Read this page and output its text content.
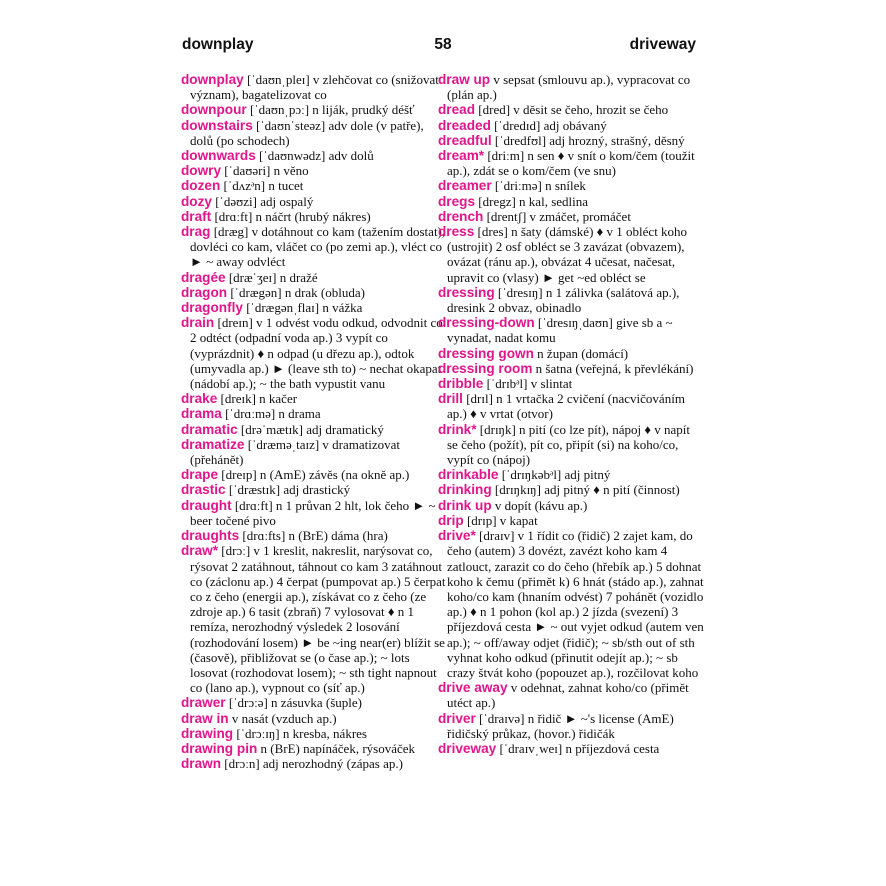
downplay	58	driveway

downplay [ˈdaʊnˌpleɪ] v zlehčovat co (snižovat význam), bagatelizovat co

downpour [ˈdaʊnˌpɔː] n liják, prudký déšť

downstairs [ˈdaʊnˈsteəz] adv dole (v patře), dolů (po schodech)

downwards [ˈdaʊnwədz] adv dolů

dowry [ˈdaʊəri] n věno

dozen [ˈdʌzᵊn] n tucet

dozy [ˈdəʊzi] adj ospalý

draft [drɑːft] n náčrt (hrubý nákres)

drag [dræg] v dotáhnout co kam (tažením dostat), dovléci co kam, vláčet co (po zemi ap.), vléct co ► ~ away odvléct

dragée [dræˈʒeɪ] n dražé

dragon [ˈdrægən] n drak (obluda)

dragonfly [ˈdrægənˌflaɪ] n vážka

drain [dreɪn] v 1 odvést vodu odkud, odvodnit co 2 odtéct (odpadní voda ap.) 3 vypít co (vyprázdnit) ♦ n odpad (u dřezu ap.), odtok (umyvadla ap.) ► (leave sth to) ~ nechat okapat (nádobí ap.); ~ the bath vypustit vanu

drake [dreɪk] n kačer

drama [ˈdrɑːmə] n drama

dramatic [drəˈmætɪk] adj dramatický

dramatize [ˈdræməˌtaɪz] v dramatizovat (přehánět)

drape [dreɪp] n (AmE) závěs (na okně ap.)

drastic [ˈdræstɪk] adj drastický

draught [drɑːft] n 1 průvan 2 hlt, lok čeho ► ~ beer točené pivo

draughts [drɑːfts] n (BrE) dáma (hra)

draw* [drɔː] v 1 kreslit, nakreslit, narýsovat co, rýsovat 2 zatáhnout, táhnout co kam 3 zatáhnout co (záclonu ap.) 4 čerpat (pumpovat ap.) 5 čerpat co z čeho (energii ap.), získávat co z čeho (ze zdroje ap.) 6 tasit (zbraň) 7 vylosovat ♦ n 1 remíza, nerozhodný výsledek 2 losování (rozhodování losem) ► be ~ing near(er) blížit se (časově), přibližovat se (o čase ap.); ~ lots losovat (rozhodovat losem); ~ sth tight napnout co (lano ap.), vypnout co (síť ap.)

drawer [ˈdrɔːə] n zásuvka (šuple)

draw in v nasát (vzduch ap.)

drawing [ˈdrɔːɪŋ] n kresba, nákres

drawing pin n (BrE) napínáček, rýsováček

drawn [drɔːn] adj nerozhodný (zápas ap.)

draw up v sepsat (smlouvu ap.), vypracovat co (plán ap.)

dread [dred] v děsit se čeho, hrozit se čeho

dreaded [ˈdredɪd] adj obávaný

dreadful [ˈdredfʊl] adj hrozný, strašný, děsný

dream* [driːm] n sen ♦ v snít o kom/čem (toužit ap.), zdát se o kom/čem (ve snu)

dreamer [ˈdriːmə] n snílek

dregs [dregz] n kal, sedlina

drench [drentʃ] v zmáčet, promáčet

dress [dres] n šaty (dámské) ♦ v 1 obléct koho (ustrojit) 2 osf obléct se 3 zavázat (obvazem), ovázat (ránu ap.), obvázat 4 učesat, načesat, upravit co (vlasy) ► get ~ed obléct se

dressing [ˈdresɪŋ] n 1 zálivka (salátová ap.), dresink 2 obvaz, obinadlo

dressing-down [ˈdresɪŋˌdaʊn] give sb a ~ vynadat, nadat komu

dressing gown n župan (domácí)

dressing room n šatna (veřejná, k převlékání)

dribble [ˈdrɪbᵊl] v slintat

drill [drɪl] n 1 vrtačka 2 cvičení (nacvičováním ap.) ♦ v vrtat (otvor)

drink* [drɪŋk] n pití (co lze pít), nápoj ♦ v napít se čeho (požít), pít co, připít (si) na koho/co, vypít co (nápoj)

drinkable [ˈdrɪŋkəbᵊl] adj pitný

drinking [drɪŋkɪŋ] adj pitný ♦ n pití (činnost)

drink up v dopít (kávu ap.)

drip [drɪp] v kapat

drive* [draɪv] v 1 řídit co (řidič) 2 zajet kam, do čeho (autem) 3 dovézt, zavézt koho kam 4 zatlouct, zarazit co do čeho (hřebík ap.) 5 dohnat koho k čemu (přimět k) 6 hnát (stádo ap.), zahnat koho/co kam (hnaním odvést) 7 pohánět (vozidlo ap.) ♦ n 1 pohon (kol ap.) 2 jízda (svezení) 3 příjezdová cesta ► ~ out vyjet odkud (autem ven ap.); ~ off/away odjet (řidič); ~ sb/sth out of sth vyhnat koho odkud (přinutit odejít ap.); ~ sb crazy štvát koho (popouzet ap.), rozčilovat koho

drive away v odehnat, zahnat koho/co (přimět utéct ap.)

driver [ˈdraɪvə] n řidič ► ~'s license (AmE) řidičský průkaz, (hovor.) řidičák

driveway [ˈdraɪvˌweɪ] n příjezdová cesta
